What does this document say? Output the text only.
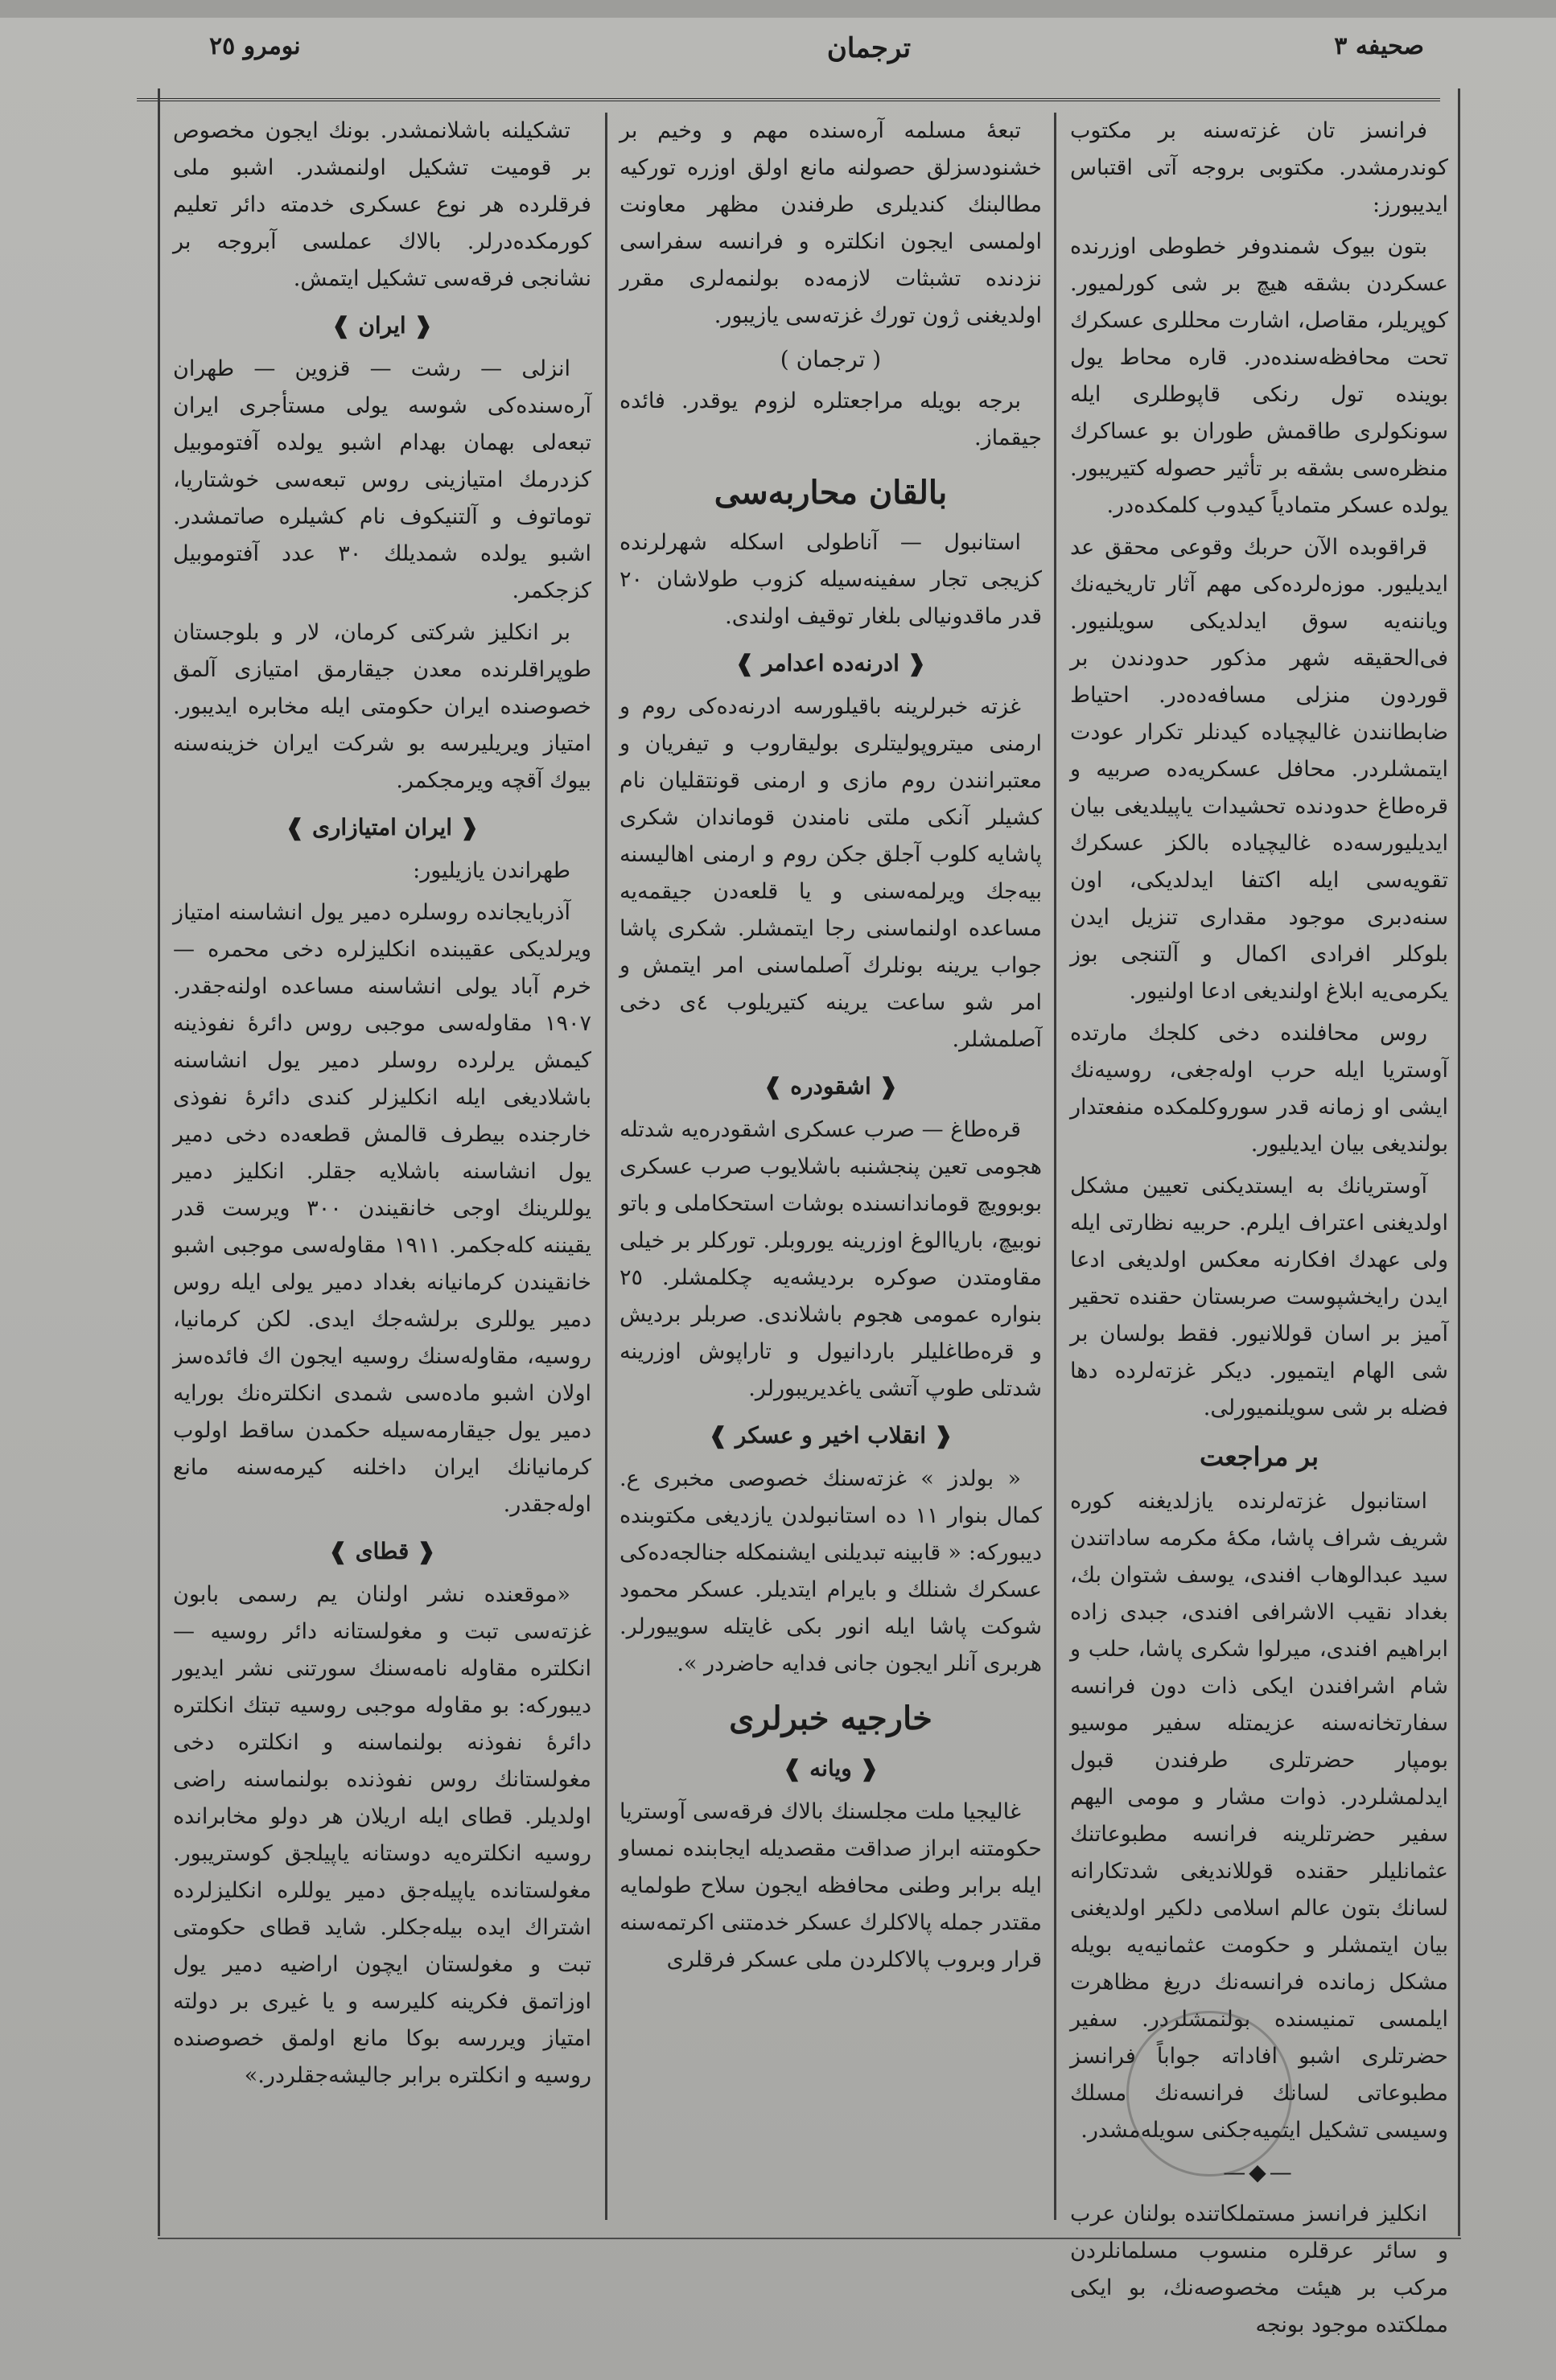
صحیفه ٣
ترجمان
نومرو ٢٥

فرانسز تان غزته‌سنه بر مکتوب کوندرمشدر. مکتوبی بروجه آتی اقتباس ایدیبورز:

بتون بیوک شمندوفر خطوطی اوزرنده عسکردن بشقه هیچ بر شی کورلمیور. کوپریلر، مقاصل، اشارت محللری عسکرك تحت محافظه‌سنده‌در. قاره محاط یول بوینده تول رنکی قاپوطلری ایله سونکولری طاقمش طوران بو عساکرك منظره‌سی بشقه بر تأثیر حصوله کتیریبور. یولده عسکر متمادیاً کیدوب کلمکده‌در.

قراقوبده الآن حربك وقوعی محقق عد ایدیلیور. موزه‌لرده‌کی مهم آثار تاریخیه‌نك وياننه‌یه سوق ایدلدیکی سویلنیور. فی‌الحقیقه شهر مذکور حدودندن بر قوردون منزلی مسافه‌ده‌در. احتیاط ضابطانندن غالیچیاده کیدنلر تکرار عودت ایتمشلردر. محافل عسکریه‌ده صربیه و قره‌طاغ حدودنده تحشیدات یاپیلدیغی بیان ایدیلیورسه‌ده غالیچیاده بالکز عسکرك تقویه‌سی ایله اکتفا ایدلدیکی، اون سنه‌دبری موجود مقداری تنزیل ایدن بلوکلر افرادی اکمال و آلتنجی بوز یکرمی‌یه ابلاغ اولندیغی ادعا اولنیور.

روس محافلنده دخی کلجك مارتده آوستریا ایله حرب اوله‌جغی، روسیه‌نك ایشی او زمانه قدر سوروکلمکده منفعتدار بولندیغی بیان ایدیلیور.

آوستریانك به ایستدیکنی تعیین مشکل اولدیغنی اعتراف ایلرم. حربیه نظارتی ایله ولی عهدك افکارنه معکس اولدیغی ادعا ایدن رایخشپوست صربستان حقنده تحقیر آمیز بر اسان قوللانیور. فقط بولسان بر شی الهام ایتمیور. دیکر غزته‌لرده دها فضله بر شی سویلنمیورلی.

بر مراجعت

استانبول غزته‌لرنده یازلدیغنه کوره شریف شراف پاشا، مکۀ مکرمه ساداتندن سید عبدالوهاب افندی، یوسف شتوان بك، بغداد نقیب الاشرافی افندی، جبدی زاده ابراهیم افندی، میرلوا شکری پاشا، حلب و شام اشرافندن ایکی ذات دون فرانسه سفارتخانه‌سنه عزیمتله سفیر موسیو بومپار حضرتلری طرفندن قبول ایدلمشلردر. ذوات مشار و مومی الیهم سفیر حضرتلرینه فرانسه مطبوعاتنك عثمانلیلر حقنده قوللاندیغی شدتکارانه لسانك بتون عالم اسلامی دلکیر اولدیغنی بیان ایتمشلر و حکومت عثمانیه‌یه بویله مشکل زمانده فرانسه‌نك دریغ مظاهرت ایلمسی تمنیسنده بولنمشلردر. سفیر حضرتلری اشبو افاداته جواباً فرانسز مطبوعاتی لسانك فرانسه‌نك مسلك وسیسی تشکیل ایتمیه‌جکنی سویله‌مشدر.

—◆—

انکلیز فرانسز مستملکاتنده بولنان عرب و سائر عرقلره منسوب مسلمانلردن مرکب بر هیئت مخصوصه‌نك، بو ایکی مملکتده موجود بونجه

تبعۀ مسلمه آره‌سنده مهم و وخیم بر خشنودسزلق حصولنه مانع اولق اوزره تورکیه مطالبنك کندیلری طرفندن مظهر معاونت اولمسی ایجون انکلتره و فرانسه سفراسی نزدنده تشبثات لازمه‌ده بولنمه‌لری مقرر اولدیغنی ژون تورك غزته‌سی یازیبور.

( ترجمان )

برجه بویله مراجعتلره لزوم یوقدر. فائده جیقماز.

بالقان محاربه‌سی

استانبول — آناطولی اسکله شهرلرنده کزیجی تجار سفینه‌سیله کزوب طولاشان ٢٠ قدر ماقدونیالی بلغار توقیف اولندی.

❰ ادرنه‌ده اعدامر ❱

غزته خبرلرینه باقیلورسه ادرنه‌ده‌کی روم و ارمنی میتروپولیتلری بولیقاروب و تیفریان و معتبرانندن روم مازی و ارمنی قونتقلیان نام کشیلر آنکی ملتی نامندن قوماندان شکری پاشایه کلوب آجلق جکن روم و ارمنی اهالیسنه بیه‌جك ویرلمه‌سنی و یا قلعه‌دن جیقمه‌یه مساعده اولنماسنی رجا ایتمشلر. شکری پاشا جواب یرینه بونلرك آصلماسنی امر ایتمش و امر شو ساعت یرینه کتیریلوب ٤ی دخی آصلمشلر.

❰ اشقودره ❱

قره‌طاغ — صرب عسکری اشقودره‌یه شدتله هجومی تعین پنجشنبه باشلایوب صرب عسکری بوبوویچ قوماندانسنده بوشات استحکاملی و باتو نوبیچ، باریاالوغ اوزرینه یوروبلر. تورکلر بر خیلی مقاومتدن صوکره بردیشه‌یه چکلمشلر. ٢٥ بنواره عمومی هجوم باشلاندی. صربلر بردیش و قره‌طاغلیلر باردانیول و تاراپوش اوزرینه شدتلی طوپ آتشی یاغدیریبورلر.

❰ انقلاب اخیر و عسکر ❱

« بولدز » غزته‌سنك خصوصی مخبری ع. کمال بنوار ١١ ده استانبولدن یازدیغی مکتوبنده دیبورکه: « قابینه تبدیلنی ایشنمکله جنالجه‌ده‌کی عسکرك شنلك و بایرام ایتدیلر. عسکر محمود شوکت پاشا ایله انور بکی غایتله سوییورلر. هربری آنلر ایجون جانی فدایه حاضردر ».

خارجیه خبرلری
❰ ویانه ❱

غالیجیا ملت مجلسنك بالاك فرقه‌سی آوستریا حکومتنه ابراز صداقت مقصدیله ایجابنده نمساو ایله برابر وطنی محافظه ایجون سلاح طولمایه مقتدر جمله پالاکلرك عسکر خدمتنی اکرتمه‌سنه قرار وبروب پالاکلردن ملی عسکر فرقلری

تشکیلنه باشلانمشدر. بونك ایجون مخصوص بر قومیت تشکیل اولنمشدر. اشبو ملی فرقلرده هر نوع عسکری خدمته دائر تعلیم کورمکده‌درلر. بالاك عملسی آبروجه بر نشانجی فرقه‌سی تشکیل ایتمش.

❰ ایران ❱

انزلی — رشت — قزوین — طهران آره‌سنده‌کی شوسه یولی مستأجری ایران تبعه‌لی بهمان بهدام اشبو یولده آفتوموبیل کزدرمك امتیازینی روس تبعه‌سی خوشتاریا، توماتوف و آلتنیکوف نام کشیلره صاتمشدر. اشبو یولده شمدیلك ٣٠ عدد آفتوموبیل کزجکمر.

بر انکلیز شرکتی کرمان، لار و بلوجستان طوپراقلرنده معدن جیقارمق امتیازی آلمق خصوصنده ایران حکومتی ایله مخابره ایدیبور. امتیاز ویریلیرسه بو شرکت ایران خزینه‌سنه بیوك آقچه ویرمجکمر.

❰ ایران امتیازاری ❱

طهراندن یازیلیور:

آذربایجانده روسلره دمیر یول انشاسنه امتیاز ویرلدیکی عقیبنده انکلیزلره دخی محمره — خرم آباد یولی انشاسنه مساعده اولنه‌جقدر. ١٩٠٧ مقاوله‌سی موجبی روس دائرۀ نفوذینه کیمش یرلرده روسلر دمیر یول انشاسنه باشلادیغی ایله انکلیزلر کندی دائرۀ نفوذی خارجنده بیطرف قالمش قطعه‌ده دخی دمیر یول انشاسنه باشلایه جقلر. انکلیز دمیر یوللرینك اوجی خانقیندن ٣٠٠ ویرست قدر یقیننه کله‌جکمر. ١٩١١ مقاوله‌سی موجبی اشبو خانقیندن کرمانیانه بغداد دمیر یولی ایله روس دمیر یوللری برلشه‌جك ایدی. لکن کرمانیا، روسیه، مقاوله‌سنك روسیه ایجون اك فائده‌سز اولان اشبو ماده‌سی شمدی انکلتره‌نك بورایه دمیر یول جیقارمه‌سیله حکمدن ساقط اولوب کرمانیانك ایران داخلنه کیرمه‌سنه مانع اوله‌جقدر.

❰ قطای ❱

«موقعنده نشر اولنان یم رسمی بابون غزته‌سی تبت و مغولستانه دائر روسیه — انکلتره مقاوله نامه‌سنك سورتنی نشر ایدیور دیبورکه: بو مقاوله موجبی روسیه تبتك انکلتره دائرۀ نفوذنه بولنماسنه و انکلتره دخی مغولستانك روس نفوذنده بولنماسنه راضی اولدیلر. قطای ایله اریلان هر دولو مخابرانده روسیه انکلتره‌یه دوستانه یاپیلجق کوستریبور. مغولستانده یاپیله‌جق دمیر یوللره انکلیزلرده اشتراك ایده بیله‌جکلر. شاید قطای حکومتی تبت و مغولستان ایچون اراضیه دمیر یول اوزاتمق فکرینه کلیرسه و یا غیری بر دولته امتیاز ویررسه بوکا مانع اولمق خصوصنده روسیه و انکلتره برابر جالیشه‌جقلردر.»
